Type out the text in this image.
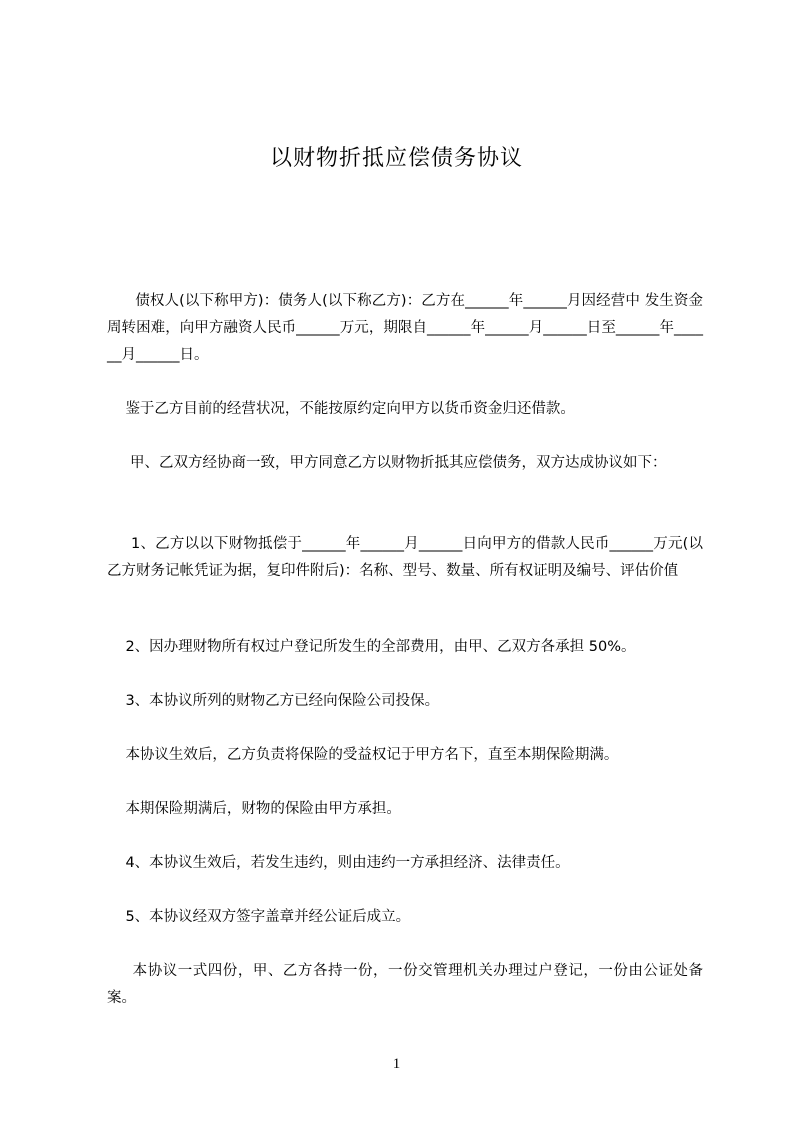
以财物折抵应偿债务协议

债权人(以下称甲方)：债务人(以下称乙方)：乙方在______年______月因经营中 发生资金周转困难，向甲方融资人民币______万元，期限自______年______月______日至______年______月______日。

鉴于乙方目前的经营状况，不能按原约定向甲方以货币资金归还借款。

甲、乙双方经协商一致，甲方同意乙方以财物折抵其应偿债务，双方达成协议如下：

1、乙方以以下财物抵偿于______年______月______日向甲方的借款人民币______万元(以乙方财务记帐凭证为据，复印件附后)：名称、型号、数量、所有权证明及编号、评估价值

2、因办理财物所有权过户登记所发生的全部费用，由甲、乙双方各承担 50%。

3、本协议所列的财物乙方已经向保险公司投保。

本协议生效后，乙方负责将保险的受益权记于甲方名下，直至本期保险期满。

本期保险期满后，财物的保险由甲方承担。

4、本协议生效后，若发生违约，则由违约一方承担经济、法律责任。

5、本协议经双方签字盖章并经公证后成立。

本协议一式四份，甲、乙方各持一份，一份交管理机关办理过户登记，一份由公证处备案。

1
